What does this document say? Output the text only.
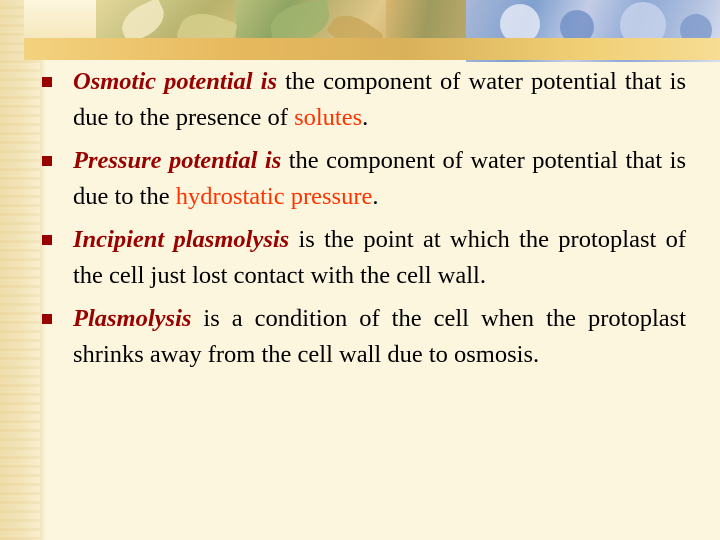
Osmotic potential is the component of water potential that is due to the presence of solutes.
Pressure potential is the component of water potential that is due to the hydrostatic pressure.
Incipient plasmolysis is the point at which the protoplast of the cell just lost contact with the cell wall.
Plasmolysis is a condition of the cell when the protoplast shrinks away from the cell wall due to osmosis.
